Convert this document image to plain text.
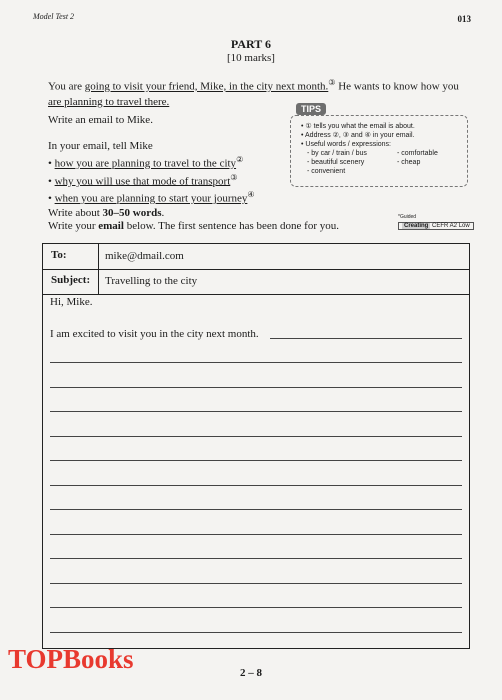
Model Test 2	013
PART 6
[10 marks]
You are going to visit your friend, Mike, in the city next month.③ He wants to know how you
are planning to travel there.
Write an email to Mike.
In your email, tell Mike
• how you are planning to travel to the city②
• why you will use that mode of transport③
• when you are planning to start your journey④
TIPS
• ① tells you what the email is about.
• Address ②, ③ and ④ in your email.
• Useful words / expressions:
- by car / train / bus	- comfortable
- beautiful scenery	- cheap
- convenient
Write about 30–50 words.
Write your email below. The first sentence has been done for you.
*Guided
Creating CEFR A2 Low
To:	mike@dmail.com
Subject: Travelling to the city
Hi, Mike.
I am excited to visit you in the city next month.
2 – 8
TOPBooks
